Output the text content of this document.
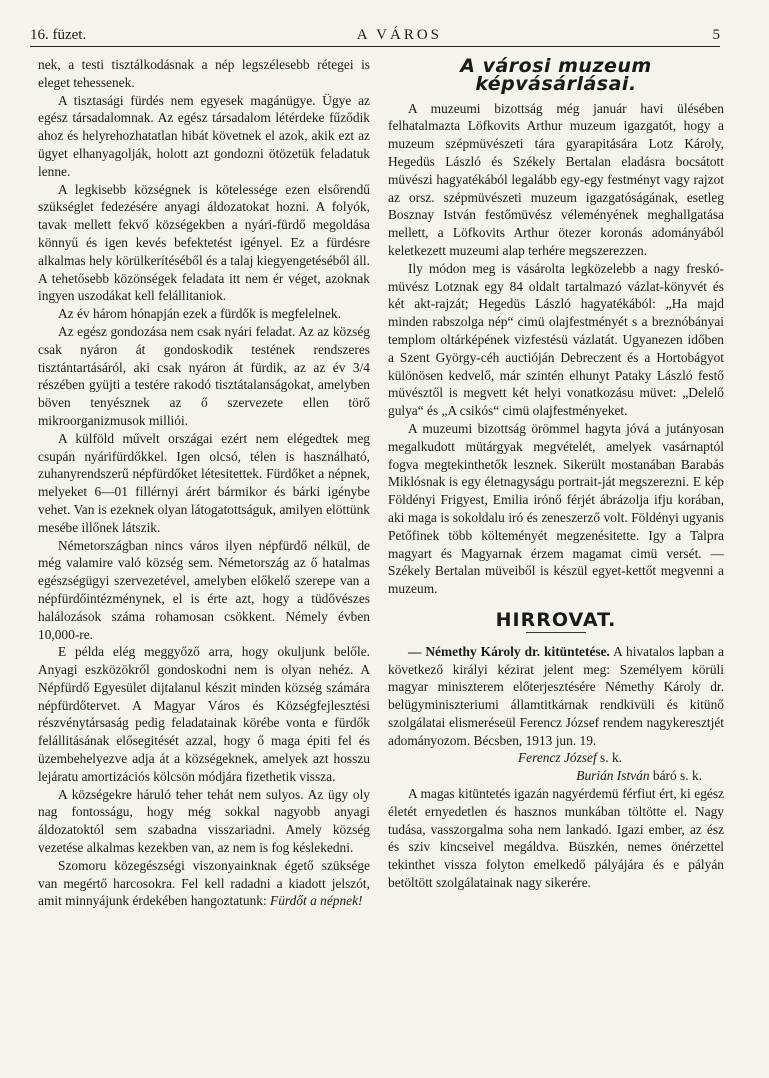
16. füzet.	A VÁROS	5

nek, a testi tisztálkodásnak a nép legszélesebb rétegei is eleget tehessenek.

A tisztasági fürdés nem egyesek magánügye. Ügye az egész társadalomnak. Az egész társadalom létérdeke fűződik ahoz és helyrehozhatatlan hibát követnek el azok, akik ezt az ügyet elhanyagolják, holott azt gondozni ötözetük feladatuk lenne.

A legkisebb községnek is kötelessége ezen elsőrendű szükséglet fedezésére anyagi áldozatokat hozni. A folyók, tavak mellett fekvő községekben a nyári-fürdő megoldása könnyű és igen kevés befektetést igényel. Ez a fürdésre alkalmas hely körülkerítéséből és a talaj kiegyengetéséből áll. A tehetősebb közönségek feladata itt nem ér véget, azoknak ingyen uszodákat kell felállitaniok.

Az év három hónapján ezek a fürdők is megfelelnek.

Az egész gondozása nem csak nyári feladat. Az az község csak nyáron át gondoskodik testének rendszeres tisztántartásáról, aki csak nyáron át fürdik, az az év 3/4 részében gyüjti a testére rakodó tisztátalanságokat, amelyben böven tenyésznek az ő szervezete ellen törő mikroorganizmusok milliói.

A külföld művelt országai ezért nem elégedtek meg csupán nyárifürdőkkel. Igen olcsó, télen is használható, zuhanyrendszerű népfürdőket létesitettek. Fürdőket a népnek, melyeket 6—01 fillérnyi árért bármikor és bárki igénybe vehet. Van is ezeknek olyan látogatottságuk, amilyen elöttünk mesébe illőnek látszik.

Németországban nincs város ilyen népfürdő nélkül, de még valamire való község sem. Németország az ő hatalmas egészségügyi szervezetével, amelyben előkelő szerepe van a népfürdőintézménynek, el is érte azt, hogy a tüdővészes halálozások száma rohamosan csökkent. Némely évben 10,000-re.

E példa elég meggyőző arra, hogy okuljunk belőle. Anyagi eszközökről gondoskodni nem is olyan nehéz. A Népfürdő Egyesület dijtalanul készit minden község számára népfürdőtervet. A Magyar Város és Községfejlesztési részvénytársaság pedig feladatainak körébe vonta e fürdők felállitásának elősegitését azzal, hogy ő maga épiti fel és üzembehelyezve adja át a községeknek, amelyek azt hosszu lejáratu amortizációs kölcsön módjára fizethetik vissza.

A községekre háruló teher tehát nem sulyos. Az ügy oly nag fontosságu, hogy még sokkal nagyobb anyagi áldozatoktól sem szabadna visszariadni. Amely község vezetése alkalmas kezekben van, az nem is fog késlekedni.

Szomoru közegészségi viszonyainknak égető szüksége van megértő harcosokra. Fel kell radadni a kiadott jelszót, amit minnyájunk érdekében hangoztatunk: Fürdőt a népnek!

A városi muzeum képvásárlásai.

A muzeumi bizottság még január havi ülésében felhatalmazta Löfkovits Arthur muzeum igazgatót, hogy a muzeum szépmüvészeti tára gyarapitására Lotz Károly, Hegedüs László és Székely Bertalan eladásra bocsátott müvészi hagyatékából legalább egy-egy festményt vagy rajzot az orsz. szépmüvészeti muzeum igazgatóságának, esetleg Bosznay István festőmüvész véleményének meghallgatása mellett, a Löfkovits Arthur ötezer koronás adományából keletkezett muzeumi alap terhére megszerezzen.

Ily módon meg is vásárolta legközelebb a nagy freskó-müvész Lotznak egy 84 oldalt tartalmazó vázlat-könyvét és két akt-rajzát; Hegedüs László hagyatékából: „Ha majd minden rabszolga nép“ cimü olajfestményét s a breznóbányai templom oltárképének vizfestésü vázlatát. Ugyanezen időben a Szent György-céh auctióján Debreczent és a Hortobágyot különösen kedvelő, már szintén elhunyt Pataky László festő müvésztől is megvett két helyi vonatkozásu müvet: „Delelő gulya“ és „A csikós“ cimü olajfestményeket.

A muzeumi bizottság örömmel hagyta jóvá a jutányosan megalkudott mütárgyak megvételét, amelyek vasárnaptól fogva megtekinthetők lesznek. Sikerült mostanában Barabás Miklósnak is egy életnagyságu portrait-ját megszerezni. E kép Földényi Frigyest, Emilia irónő férjét ábrázolja ifju korában, aki maga is sokoldalu iró és zeneszerző volt. Földényi ugyanis Petőfinek több költeményét megzenésitette. Igy a Talpra magyart és Magyarnak érzem magamat cimü versét. — Székely Bertalan müveiből is készül egyet-kettőt megvenni a muzeum.

HIRROVAT.

— Némethy Károly dr. kitüntetése. A hivatalos lapban a következő királyi kézirat jelent meg: Személyem körüli magyar miniszterem előterjesztésére Némethy Károly dr. belügyminiszteriumi államtitkárnak rendkivüli és kitünő szolgálatai elismeréseül Ferencz József rendem nagykeresztjét adományozom. Bécsben, 1913 jun. 19.

Ferencz József s. k.

Burián István báró s. k.

A magas kitüntetés igazán nagyérdemü férfiut ért, ki egész életét ernyedetlen és hasznos munkában töltötte el. Nagy tudása, vasszorgalma soha nem lankadó. Igazi ember, az ész és sziv kincseivel megáldva. Büszkén, nemes önérzettel tekinthet vissza folyton emelkedő pályájára és e pályán betöltött szolgálatainak nagy sikerére.
